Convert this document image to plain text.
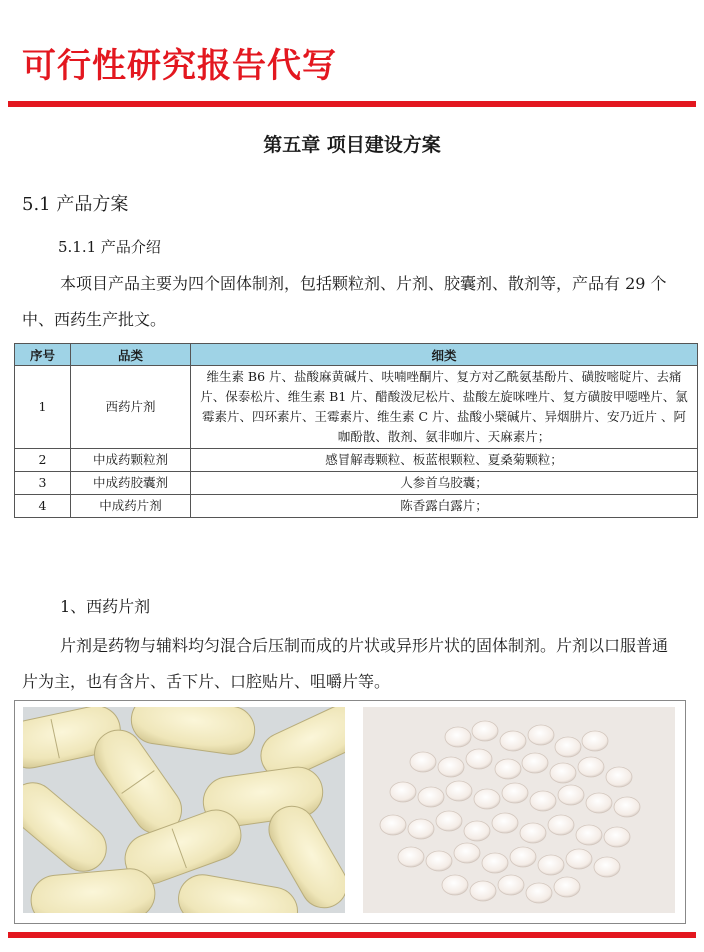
可行性研究报告代写
第五章 项目建设方案
5.1 产品方案
5.1.1 产品介绍
本项目产品主要为四个固体制剂，包括颗粒剂、片剂、胶囊剂、散剂等，产品有 29 个中、西药生产批文。
序号	品类	细类
1	西药片剂	维生素 B6 片、盐酸麻黄碱片、呋喃唑酮片、复方对乙酰氨基酚片、磺胺嘧啶片、去痛片、保泰松片、维生素 B1 片、醋酸泼尼松片、盐酸左旋咪唑片、复方磺胺甲噁唑片、氯霉素片、四环素片、王霉素片、维生素 C 片、盐酸小檗碱片、异烟肼片、安乃近片 、阿咖酚散、散剂、氨非咖片、天麻素片；
2	中成药颗粒剂	感冒解毒颗粒、板蓝根颗粒、夏桑菊颗粒；
3	中成药胶囊剂	人参首乌胶囊；
4	中成药片剂	陈香露白露片；
1、西药片剂
片剂是药物与辅料均匀混合后压制而成的片状或异形片状的固体制剂。片剂以口服普通片为主，也有含片、舌下片、口腔贴片、咀嚼片等。
